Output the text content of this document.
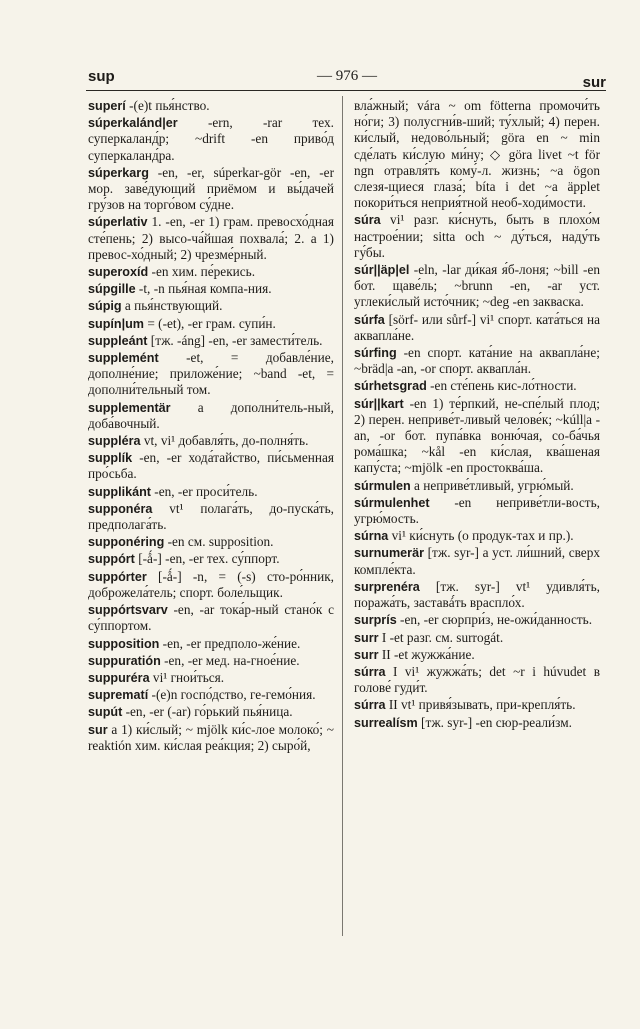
sup	— 976 —	sur
superí -(e)t пья́нство.
súperkalánd|er -ern, -rar тех. суперкаланд́р; ~drift -en приво́д суперкаланд́ра.
súperkarg -en, -er, súperkar-gör -en, -er мор. заве́дующий приёмом и вы́дачей гру́зов на торго́вом су́дне.
súperlativ 1. -en, -er 1) грам. превосхо́дная сте́пень; 2) высо-ча́йшая похвала́; 2. a 1) превос-хо́дный; 2) чрезме́рный.
superoxíd -en хим. пе́рекись.
súpgille -t, -n пья́ная компа-ния.
súpig a пья́нствующий.
supín|um = (-et), -er грам. супи́н.
suppleánt [тж. -áng] -en, -er замести́тель.
supplemént -et, = добавле́ние, дополне́ние; приложе́ние; ~band -et, = дополни́тельный том.
supplementär a дополни́тель-ный, доба́вочный.
suppléra vt, vi¹ добавля́ть, до-полня́ть.
supplík -en, -er хода́тайство, пи́сьменная про́сьба.
supplikánt -en, -er проси́тель.
supponéra vt¹ полага́ть, до-пуска́ть, предполага́ть.
supponéring -en см. supposition.
suppórt [-ǻ-] -en, -er тех. су́ппорт.
suppórter [-ǻ-] -n, = (-s) сто-ро́нник, доброжела́тель; спорт. боле́льщик.
suppórtsvarv -en, -ar тока́р-ный стано́к с су́ппортом.
supposition -en, -er предполо-же́ние.
suppuratión -en, -er мед. на-гное́ние.
suppuréra vi¹ гнои́ться.
suprematí -(e)n госпо́дство, ге-гемо́ния.
supút -en, -er (-ar) го́рький пья́ница.
sur a 1) ки́слый; ~ mjölk ки́с-лое молоко́; ~ reaktión хим. ки́слая реа́кция; 2) сыро́й,
вла́жный; vára ~ om fötterna промочи́ть но́ги; 3) полусгни́в-ший; ту́хлый; 4) перен. ки́слый, недово́льный; göra en ~ min сде́лать ки́слую ми́ну; ◇ göra livet ~t för ngn отравля́ть кому́-л. жизнь; ~a ögon слезя-щиеся глаза́; bíta i det ~a äpplet покори́ться неприя́тной необ-ходи́мости.
súra vi¹ разг. ки́снуть, быть в плохо́м настрое́нии; sitta och ~ ду́ться, наду́ть гу́бы.
súr||äp|el -eln, -lar ди́кая я́б-лоня; ~bill -en бот. щаве́ль; ~brunn -en, -ar уст. углеки́слый исто́чник; ~deg -en закваска.
súrfa [sörf- или sůrf-] vi¹ спорт. ката́ться на аквапла́не.
súrfing -en спорт. ката́ние на аквапла́не; ~bräd|a -an, -or спорт. аквапла́н.
súrhetsgrad -en сте́пень кис-ло́тности.
súr||kart -en 1) те́рпкий, не-спе́лый плод; 2) перен. неприве́т-ливый челове́к; ~kúll|a -an, -or бот. пупа́вка воню́чая, со-ба́чья рома́шка; ~kål -en ки́слая, ква́шеная капу́ста; ~mjölk -en простоква́ша.
súrmulen a неприве́тливый, угрю́мый.
súrmulenhet -en неприве́тли-вость, угрю́мость.
súrna vi¹ ки́снуть (о продук-тах и пр.).
surnumerär [тж. syr-] a уст. ли́шний, сверх компле́кта.
surprenéra [тж. syr-] vt¹ удивля́ть, поража́ть, заставá́ть враспло́х.
surprís -en, -er сюрпри́з, не-ожи́данность.
surr I -et разг. см. surrogát.
surr II -et жужжа́ние.
súrra I vi¹ жужжа́ть; det ~r i húvudet в голове́ гуди́т.
súrra II vt¹ привя́зывать, при-крепля́ть.
surrealísm [тж. syr-] -en сюр-реали́зм.
